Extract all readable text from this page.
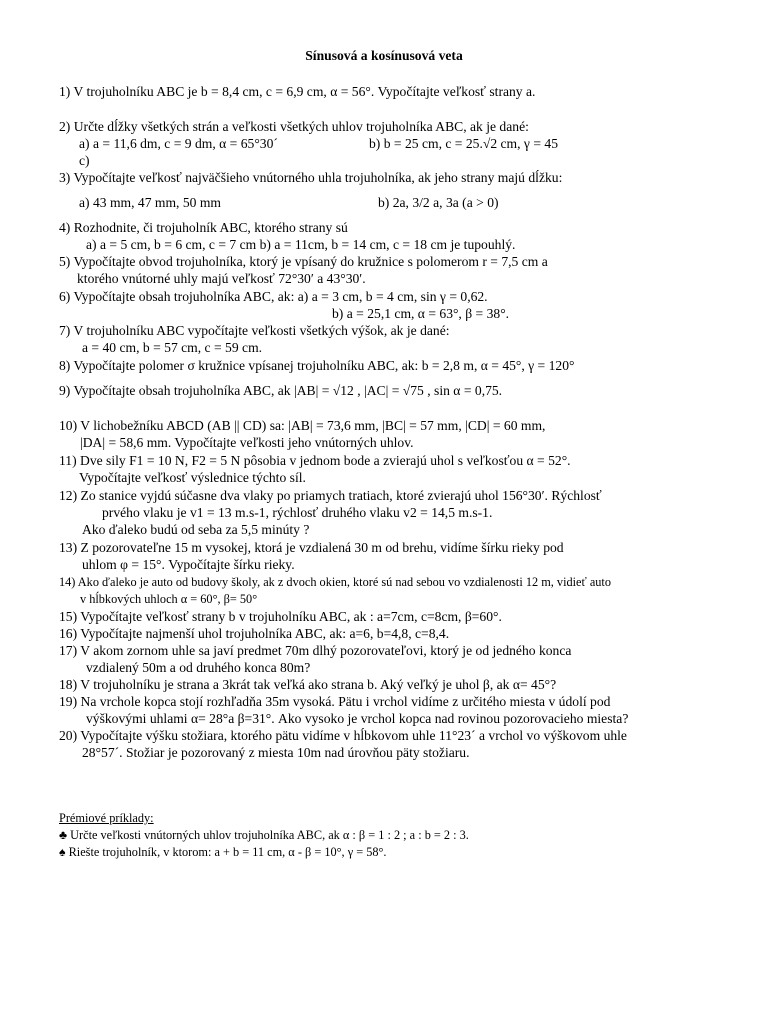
Sínusová a kosínusová veta
1) V trojuholníku ABC je b = 8,4 cm, c = 6,9 cm, α = 56°. Vypočítajte veľkosť strany a.
2) Určte dĺžky všetkých strán a veľkosti všetkých uhlov trojuholníka ABC, ak je dané:
a) a = 11,6 dm, c = 9 dm, α = 65°30´	b) b = 25 cm, c = 25.√2 cm, γ = 45
c)
3) Vypočítajte veľkosť najväčšieho vnútorného uhla trojuholníka, ak jeho strany majú dĺžku:
a) 43 mm, 47 mm, 50 mm	b) 2a, 3/2 a, 3a (a > 0)
4) Rozhodnite, či trojuholník ABC, ktorého strany sú
a) a = 5 cm, b = 6 cm, c = 7 cm b) a = 11cm, b = 14 cm, c = 18 cm je tupouhlý.
5) Vypočítajte obvod trojuholníka, ktorý je vpísaný do kružnice s polomerom r = 7,5 cm a
ktorého vnútorné uhly majú veľkosť 72°30′ a 43°30′.
6) Vypočítajte obsah trojuholníka ABC, ak: a) a = 3 cm, b = 4 cm, sin γ = 0,62.
b) a = 25,1 cm, α = 63°, β = 38°.
7) V trojuholníku ABC vypočítajte veľkosti všetkých výšok, ak je dané:
a = 40 cm, b = 57 cm, c = 59 cm.
8) Vypočítajte polomer σ kružnice vpísanej trojuholníku ABC, ak: b = 2,8 m, α = 45°, γ = 120°
9) Vypočítajte obsah trojuholníka ABC, ak |AB| = √12 , |AC| = √75 , sin α = 0,75.
10) V lichobežníku ABCD (AB || CD) sa: |AB| = 73,6 mm, |BC| = 57 mm, |CD| = 60 mm,
|DA| = 58,6 mm. Vypočítajte veľkosti jeho vnútorných uhlov.
11) Dve sily F1 = 10 N, F2 = 5 N pôsobia v jednom bode a zvierajú uhol s veľkosťou α = 52°.
Vypočítajte veľkosť výslednice týchto síl.
12) Zo stanice vyjdú súčasne dva vlaky po priamych tratiach, ktoré zvierajú uhol 156°30′. Rýchlosť
prvého vlaku je v1 = 13 m.s-1, rýchlosť druhého vlaku v2 = 14,5 m.s-1.
Ako ďaleko budú od seba za 5,5 minúty ?
13) Z pozorovateľne 15 m vysokej, ktorá je vzdialená 30 m od brehu, vidíme šírku rieky pod
uhlom φ = 15°. Vypočítajte šírku rieky.
14) Ako ďaleko je auto od budovy školy, ak z dvoch okien, ktoré sú nad sebou vo vzdialenosti 12 m, vidieť auto
v hĺbkových uhloch α = 60°, β= 50°
15) Vypočítajte veľkosť strany b v trojuholníku ABC, ak : a=7cm, c=8cm, β=60°.
16) Vypočítajte najmenší uhol trojuholníka ABC, ak: a=6, b=4,8, c=8,4.
17) V akom zornom uhle sa javí predmet 70m dlhý pozorovateľovi, ktorý je od jedného konca
vzdialený 50m a od druhého konca 80m?
18) V trojuholníku je strana a 3krát tak veľká ako strana b. Aký veľký je uhol β, ak α= 45°?
19) Na vrchole kopca stojí rozhľadňa 35m vysoká. Pätu i vrchol vidíme z určitého miesta v údolí pod
výškovými uhlami α= 28°a β=31°. Ako vysoko je vrchol kopca nad rovinou pozorovacieho miesta?
20) Vypočítajte výšku stožiara, ktorého pätu vidíme v hĺbkovom uhle 11°23´ a vrchol vo výškovom uhle
28°57´. Stožiar je pozorovaný z miesta 10m nad úrovňou päty stožiaru.
Prémiové príklady:
♣ Určte veľkosti vnútorných uhlov trojuholníka ABC, ak α : β = 1 : 2 ; a : b = 2 : 3.
♠ Riešte trojuholník, v ktorom: a + b = 11 cm, α - β = 10°, γ = 58°.
